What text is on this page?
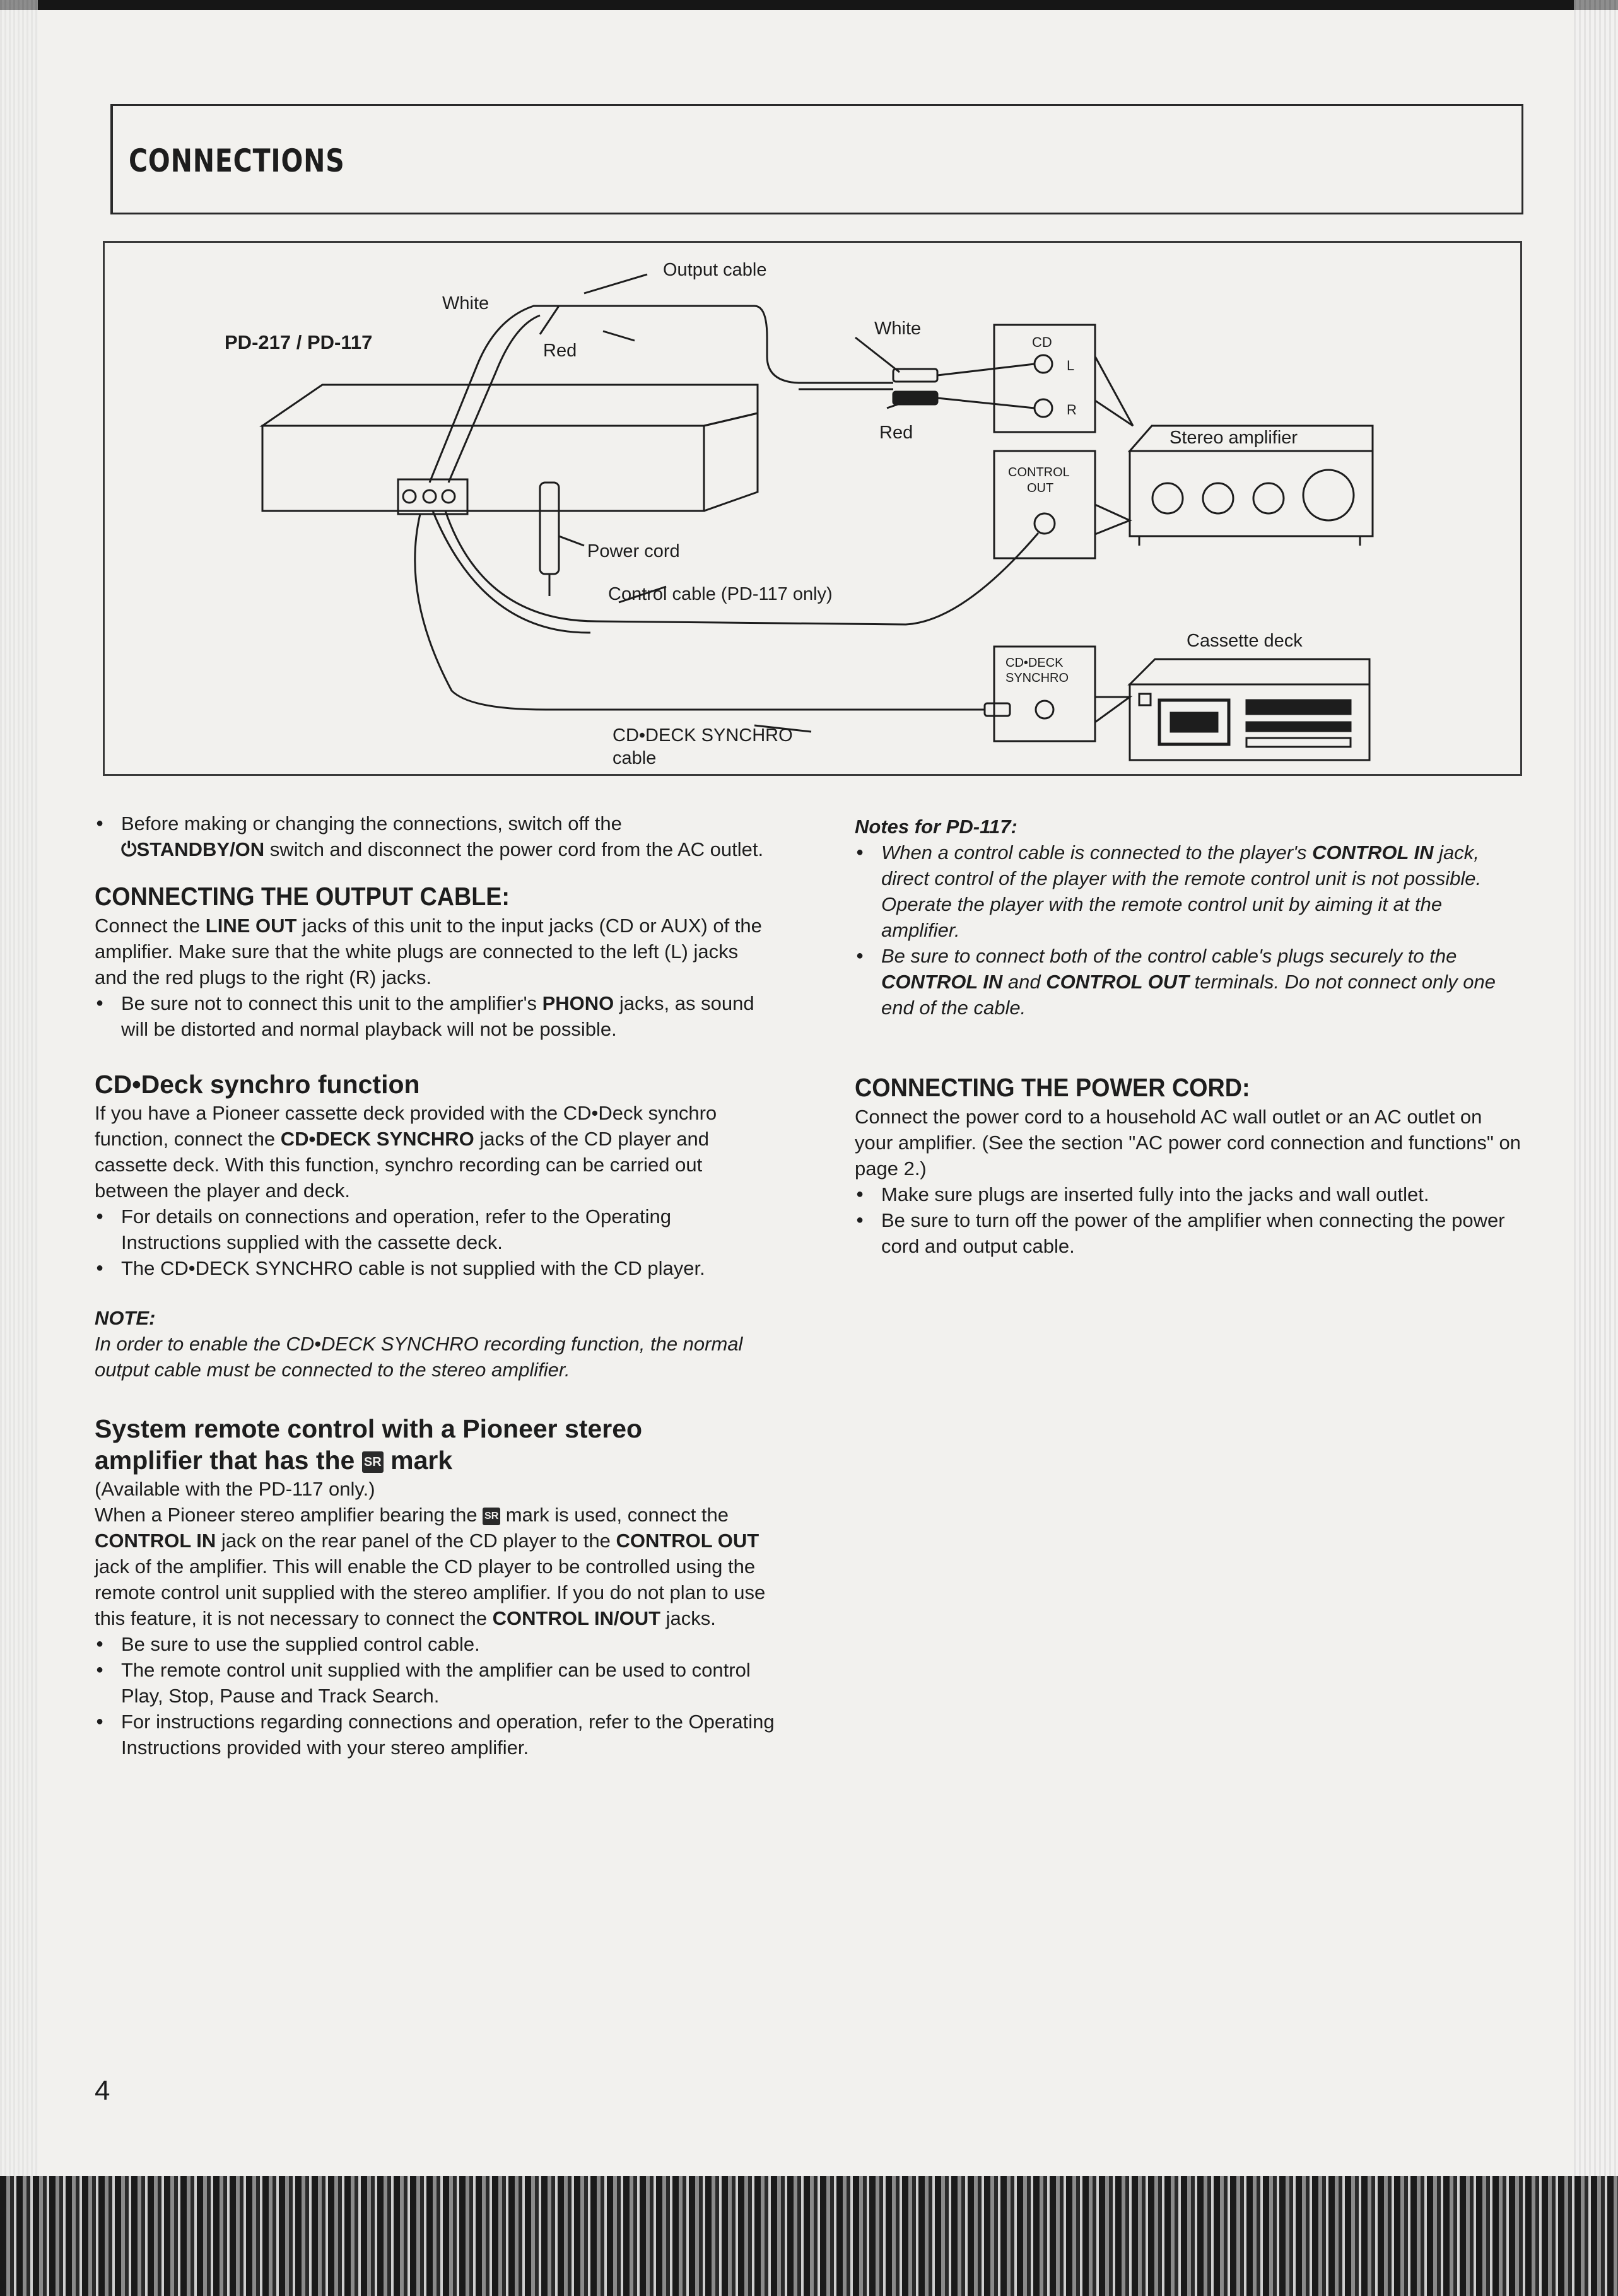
CONNECTIONS
Output cable
White
Red
PD-217 / PD-117
White
Red
CD
L
R
Stereo amplifier
CONTROL
OUT
Power cord
Control cable (PD-117 only)
Cassette deck
CD•DECK
SYNCHRO
CD•DECK SYNCHRO
cable

● Before making or changing the connections, switch off the
⏻STANDBY/ON switch and disconnect the power cord from the AC outlet.

CONNECTING THE OUTPUT CABLE:

Connect the LINE OUT jacks of this unit to the input jacks (CD or AUX) of the amplifier. Make sure that the white plugs are connected to the left (L) jacks and the red plugs to the right (R) jacks.

● Be sure not to connect this unit to the amplifier's PHONO jacks, as sound will be distorted and normal playback will not be possible.

CD•Deck synchro function

If you have a Pioneer cassette deck provided with the CD•Deck synchro function, connect the CD•DECK SYNCHRO jacks of the CD player and cassette deck. With this function, synchro recording can be carried out between the player and deck.

● For details on connections and operation, refer to the Operating Instructions supplied with the cassette deck.

● The CD•DECK SYNCHRO cable is not supplied with the CD player.

NOTE:

In order to enable the CD•DECK SYNCHRO recording function, the normal output cable must be connected to the stereo amplifier.

System remote control with a Pioneer stereo

amplifier that has the SR mark

(Available with the PD-117 only.)

When a Pioneer stereo amplifier bearing the SR mark is used, connect the CONTROL IN jack on the rear panel of the CD player to the CONTROL OUT jack of the amplifier. This will enable the CD player to be controlled using the remote control unit supplied with the stereo amplifier. If you do not plan to use this feature, it is not necessary to connect the CONTROL IN/OUT jacks.

● Be sure to use the supplied control cable.

● The remote control unit supplied with the amplifier can be used to control Play, Stop, Pause and Track Search.

● For instructions regarding connections and operation, refer to the Operating Instructions provided with your stereo amplifier.

Notes for PD-117:

● When a control cable is connected to the player's CONTROL IN jack, direct control of the player with the remote control unit is not possible. Operate the player with the remote control unit by aiming it at the amplifier.

● Be sure to connect both of the control cable's plugs securely to the CONTROL IN and CONTROL OUT terminals. Do not connect only one end of the cable.

CONNECTING THE POWER CORD:

Connect the power cord to a household AC wall outlet or an AC outlet on your amplifier. (See the section "AC power cord connection and functions" on page 2.)

● Make sure plugs are inserted fully into the jacks and wall outlet.

● Be sure to turn off the power of the amplifier when connecting the power cord and output cable.

4
